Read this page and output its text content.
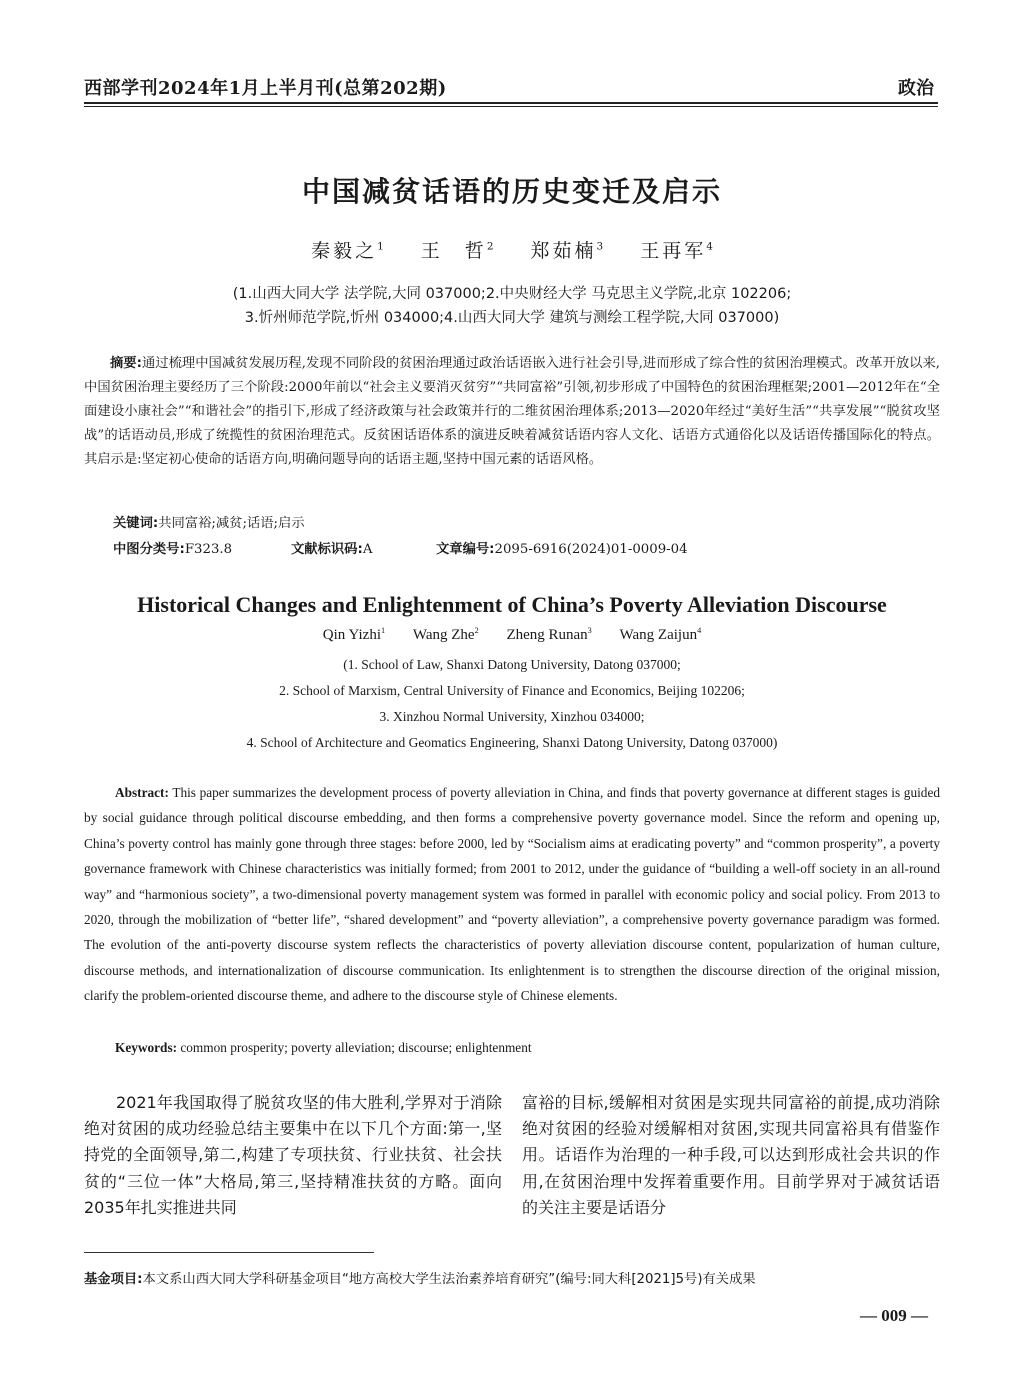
西部学刊2024年1月上半月刊(总第202期)	政治
中国减贫话语的历史变迁及启示
秦毅之$^1$ 王　哲$^2$ 郑茹楠$^3$ 王再军$^4$
(1.山西大同大学 法学院,大同 037000;2.中央财经大学 马克思主义学院,北京 102206;
3.忻州师范学院,忻州 034000;4.山西大同大学 建筑与测绘工程学院,大同 037000)

摘要:通过梳理中国减贫发展历程,发现不同阶段的贫困治理通过政治话语嵌入进行社会引导,进而形成了综合性的贫困治理模式。改革开放以来,中国贫困治理主要经历了三个阶段:2000年前以“社会主义要消灭贫穷”“共同富裕”引领,初步形成了中国特色的贫困治理框架;2001—2012年在“全面建设小康社会”“和谐社会”的指引下,形成了经济政策与社会政策并行的二维贫困治理体系;2013—2020年经过“美好生活”“共享发展”“脱贫攻坚战”的话语动员,形成了统揽性的贫困治理范式。反贫困话语体系的演进反映着减贫话语内容人文化、话语方式通俗化以及话语传播国际化的特点。其启示是:坚定初心使命的话语方向,明确问题导向的话语主题,坚持中国元素的话语风格。

关键词:共同富裕;减贫;话语;启示
中图分类号:F323.8	文献标识码:A	文章编号:2095-6916(2024)01-0009-04
Historical Changes and Enlightenment of China’s Poverty Alleviation Discourse
Qin Yizhi$^1$ Wang Zhe$^2$ Zheng Runan$^3$ Wang Zaijun$^4$
(1. School of Law, Shanxi Datong University, Datong 037000;
2. School of Marxism, Central University of Finance and Economics, Beijing 102206;
3. Xinzhou Normal University, Xinzhou 034000;
4. School of Architecture and Geomatics Engineering, Shanxi Datong University, Datong 037000)

Abstract: This paper summarizes the development process of poverty alleviation in China, and finds that poverty governance at different stages is guided by social guidance through political discourse embedding, and then forms a comprehensive poverty governance model. Since the reform and opening up, China’s poverty control has mainly gone through three stages: before 2000, led by “Socialism aims at eradicating poverty” and “common prosperity”, a poverty governance framework with Chinese characteristics was initially formed; from 2001 to 2012, under the guidance of “building a well-off society in an all-round way” and “harmonious society”, a two-dimensional poverty management system was formed in parallel with economic policy and social policy. From 2013 to 2020, through the mobilization of “better life”, “shared development” and “poverty alleviation”, a comprehensive poverty governance paradigm was formed. The evolution of the anti-poverty discourse system reflects the characteristics of poverty alleviation discourse content, popularization of human culture, discourse methods, and internationalization of discourse communication. Its enlightenment is to strengthen the discourse direction of the original mission, clarify the problem-oriented discourse theme, and adhere to the discourse style of Chinese elements.

Keywords: common prosperity; poverty alleviation; discourse; enlightenment

2021年我国取得了脱贫攻坚的伟大胜利,学界对于消除绝对贫困的成功经验总结主要集中在以下几个方面:第一,坚持党的全面领导,第二,构建了专项扶贫、行业扶贫、社会扶贫的“三位一体”大格局,第三,坚持精准扶贫的方略。面向2035年扎实推进共同

富裕的目标,缓解相对贫困是实现共同富裕的前提,成功消除绝对贫困的经验对缓解相对贫困,实现共同富裕具有借鉴作用。话语作为治理的一种手段,可以达到形成社会共识的作用,在贫困治理中发挥着重要作用。目前学界对于减贫话语的关注主要是话语分

基金项目:本文系山西大同大学科研基金项目“地方高校大学生法治素养培育研究”(编号:同大科[2021]5号)有关成果
— 009 —
